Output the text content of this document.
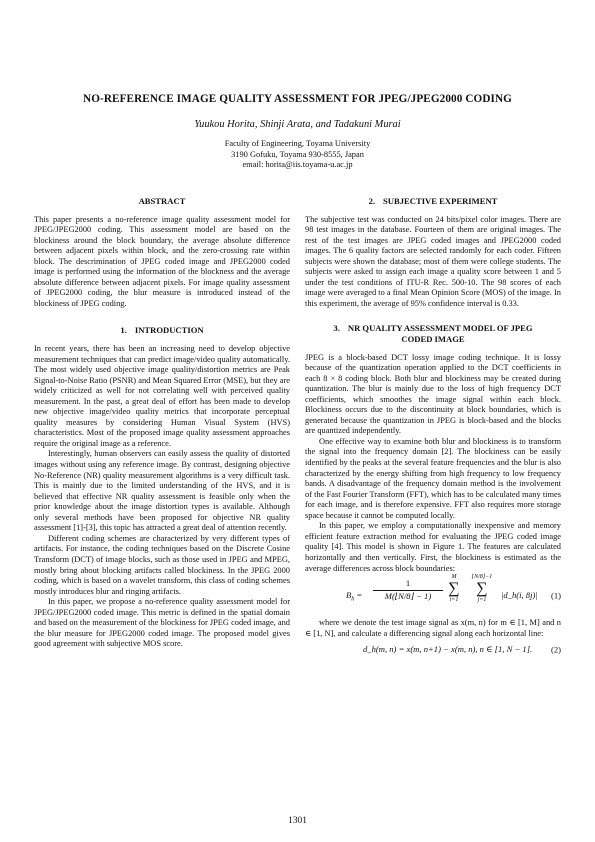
NO-REFERENCE IMAGE QUALITY ASSESSMENT FOR JPEG/JPEG2000 CODING
Yuukou Horita, Shinji Arata, and Tadakuni Murai
Faculty of Engineering, Toyama University
3190 Gofuku, Toyama 930-8555, Japan
email: horita@iis.toyama-u.ac.jp
ABSTRACT

This paper presents a no-reference image quality assessment model for JPEG/JPEG2000 coding. This assessment model are based on the blockiness around the block boundary, the average absolute difference between adjacent pixels within block, and the zero-crossing rate within block. The descrimination of JPEG coded image and JPEG2000 coded image is performed using the information of the blockness and the average absolute difference between adjacent pixels. For image quality assessment of JPEG2000 coding, the blur measure is introduced instead of the blockiness of JPEG coding.

1. INTRODUCTION

In recent years, there has been an increasing need to develop objective measurement techniques that can predict image/video quality automatically. The most widely used objective image quality/distortion metrics are Peak Signal-to-Noise Ratio (PSNR) and Mean Squared Error (MSE), but they are widely criticized as well for not correlating well with perceived quality measurement. In the past, a great deal of effort has been made to develop new objective image/video quality metrics that incorporate perceptual quality measures by considering Human Visual System (HVS) characteristics. Most of the proposed image quality assessment approaches require the original image as a reference.

Interestingly, human observers can easily assess the quality of distorted images without using any reference image. By contrast, designing objective No-Reference (NR) quality measurement algorithms is a very difficult task. This is mainly due to the limited understanding of the HVS, and it is believed that effective NR quality assessment is feasible only when the prior knowledge about the image distortion types is available. Although only several methods have been proposed for objective NR quality assessment [1]-[3], this topic has attracted a great deal of attention recently.

Different coding schemes are characterized by very different types of artifacts. For instance, the coding techniques based on the Discrete Cosine Transform (DCT) of image blocks, such as those used in JPEG and MPEG, mostly bring about blocking artifacts called blockiness. In the JPEG 2000 coding, which is based on a wavelet transform, this class of coding schemes mostly introduces blur and ringing artifacts.

In this paper, we propose a no-reference quality assessment model for JPEG/JPEG2000 coded image. This metric is defined in the spatial domain and based on the measurement of the blockiness for JPEG coded image, and the blur measure for JPEG2000 coded image. The proposed model gives good agreement with subjective MOS score.

2. SUBJECTIVE EXPERIMENT

The subjective test was conducted on 24 bits/pixel color images. There are 98 test images in the database. Fourteen of them are original images. The rest of the test images are JPEG coded images and JPEG2000 coded images. The 6 quality factors are selected randomly for each coder. Fifteen subjects were shown the database; most of them were college students. The subjects were asked to assign each image a quality score between 1 and 5 under the test conditions of ITU-R Rec. 500-10. The 98 scores of each image were averaged to a final Mean Opinion Score (MOS) of the image. In this experiment, the average of 95% confidence interval is 0.33.

3. NR QUALITY ASSESSMENT MODEL OF JPEG
CODED IMAGE

JPEG is a block-based DCT lossy image coding technique. It is lossy because of the quantization operation applied to the DCT coefficients in each 8 × 8 coding block. Both blur and blockiness may be created during quantization. The blur is mainly due to the loss of high frequency DCT coefficients, which smoothes the image signal within each block. Blockiness occurs due to the discontinuity at block boundaries, which is generated because the quantization in JPEG is block-based and the blocks are quantized independently.

One effective way to examine both blur and blockiness is to transform the signal into the frequency domain [2]. The blockiness can be easily identified by the peaks at the several feature frequencies and the blur is also characterized by the energy shifting from high frequency to low frequency bands. A disadvantage of the frequency domain method is the involvement of the Fast Fourier Transform (FFT), which has to be calculated many times for each image, and is therefore expensive. FFT also requires more storage space because it cannot be computed locally.

In this paper, we employ a computationally inexpensive and memory efficient feature extraction method for evaluating the JPEG coded image quality [4]. This model is shown in Figure 1. The features are calculated horizontally and then vertically. First, the blockiness is estimated as the average differences across block boundaries:

$B_h = \frac{1}{M(⌊N/8⌋ - 1)}$
M
∑
i=1
⌊N/8⌋−1
∑
j=1	|d_h(i, 8j)| (1)

where we denote the test image signal as x(m, n) for m ∈ [1, M] and n ∈ [1, N], and calculate a differencing signal along each horizontal line:

d_h(m, n) = x(m, n+1) − x(m, n), n ∈ [1, N − 1]. (2)
1301
